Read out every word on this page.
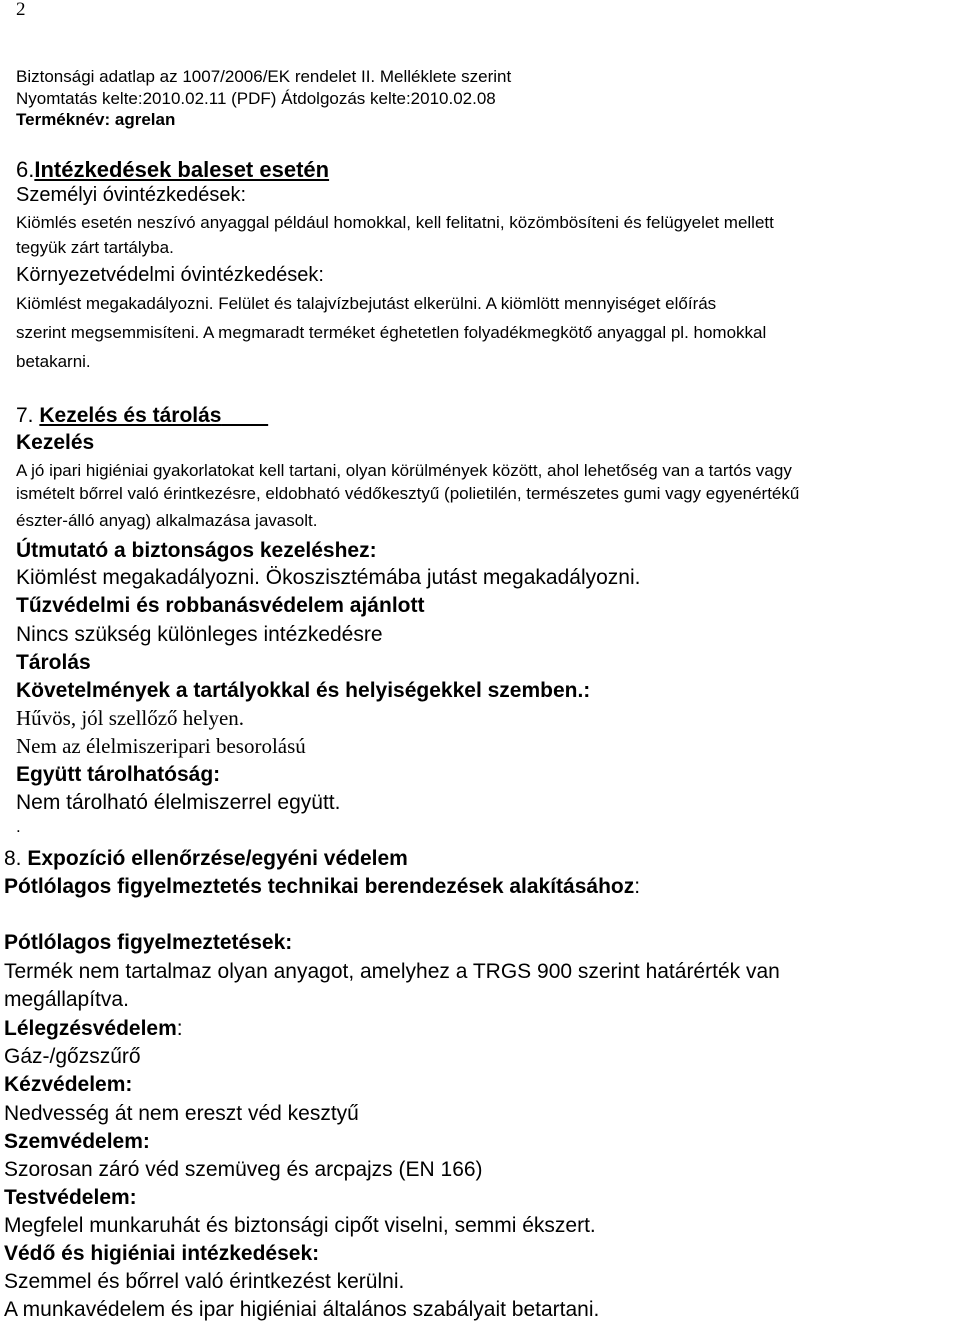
2
Biztonsági adatlap az 1007/2006/EK rendelet II. Melléklete szerint
Nyomtatás kelte:2010.02.11 (PDF) Átdolgozás kelte:2010.02.08
Terméknév: agrelan
6.Intézkedések baleset esetén
Személyi óvintézkedések:
Kiömlés esetén neszívó anyaggal például homokkal, kell felitatni, közömbösíteni és felügyelet mellett
tegyük zárt tartályba.
Környezetvédelmi óvintézkedések:
Kiömlést megakadályozni. Felület és talajvízbejutást elkerülni. A kiömlött mennyiséget előírás
szerint megsemmisíteni. A megmaradt terméket éghetetlen folyadékmegkötő anyaggal pl. homokkal
betakarni.
7. Kezelés és tárolás
Kezelés
A jó ipari higiéniai gyakorlatokat kell tartani, olyan körülmények között, ahol lehetőség van a tartós vagy
ismételt bőrrel való érintkezésre, eldobható védőkesztyű (polietilén, természetes gumi vagy egyenértékű
észter-álló anyag) alkalmazása javasolt.
Útmutató a biztonságos kezeléshez:
Kiömlést megakadályozni. Ökoszisztémába jutást megakadályozni.
Tűzvédelmi és robbanásvédelem ajánlott
Nincs szükség különleges intézkedésre
Tárolás
Követelmények a tartályokkal és helyiségekkel szemben.:
Hűvös, jól szellőző helyen.
Nem az élelmiszeripari besorolású
Együtt tárolhatóság:
Nem tárolható élelmiszerrel együtt.
.
8. Expozíció ellenőrzése/egyéni védelem
Pótlólagos figyelmeztetés technikai berendezések alakításához:
Pótlólagos figyelmeztetések:
Termék nem tartalmaz olyan anyagot, amelyhez a TRGS 900 szerint határérték van
megállapítva.
Lélegzésvédelem:
Gáz-/gőzszűrő
Kézvédelem:
Nedvesség át nem ereszt véd kesztyű
Szemvédelem:
Szorosan záró véd szemüveg és arcpajzs (EN 166)
Testvédelem:
Megfelel munkaruhát és biztonsági cipőt viselni, semmi ékszert.
Védő és higiéniai intézkedések:
Szemmel és bőrrel való érintkezést kerülni.
A munkavédelem és ipar higiéniai általános szabályait betartani.
